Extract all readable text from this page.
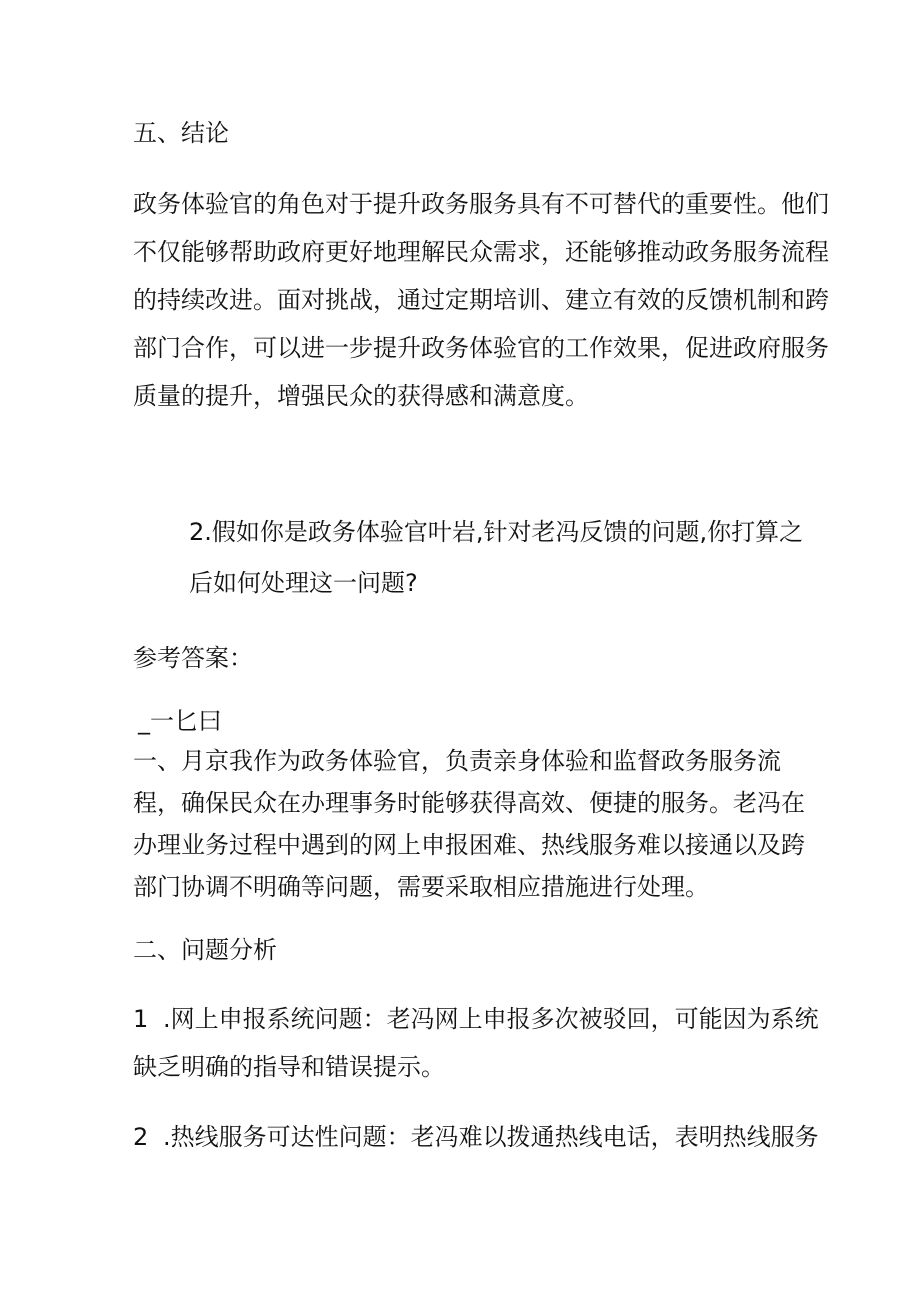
五、结论
政务体验官的角色对于提升政务服务具有不可替代的重要性。他们
不仅能够帮助政府更好地理解民众需求，还能够推动政务服务流程
的持续改进。面对挑战，通过定期培训、建立有效的反馈机制和跨
部门合作，可以进一步提升政务体验官的工作效果，促进政府服务
质量的提升，增强民众的获得感和满意度。
2.假如你是政务体验官叶岩,针对老冯反馈的问题,你打算之
后如何处理这一问题?
参考答案：
_一匕曰
一、月京我作为政务体验官，负责亲身体验和监督政务服务流
程，确保民众在办理事务时能够获得高效、便捷的服务。老冯在
办理业务过程中遇到的网上申报困难、热线服务难以接通以及跨
部门协调不明确等问题，需要采取相应措施进行处理。
二、问题分析
1 .网上申报系统问题：老冯网上申报多次被驳回，可能因为系统
缺乏明确的指导和错误提示。
2 .热线服务可达性问题：老冯难以拨通热线电话，表明热线服务
